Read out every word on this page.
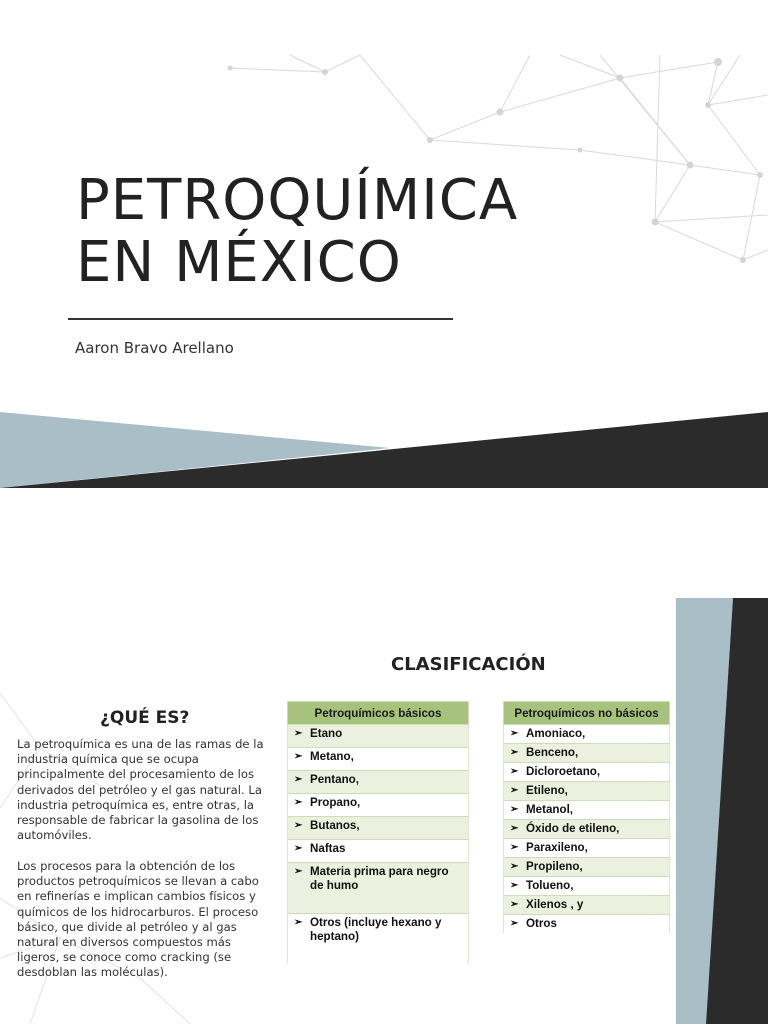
PETROQUÍMICA
EN MÉXICO
Aaron Bravo Arellano
CLASIFICACIÓN
¿QUÉ ES?

La petroquímica es una de las ramas de la industria química que se ocupa principalmente del procesamiento de los derivados del petróleo y el gas natural. La industria petroquímica es, entre otras, la responsable de fabricar la gasolina de los automóviles.

Los procesos para la obtención de los productos petroquímicos se llevan a cabo en refinerías e implican cambios físicos y químicos de los hidrocarburos. El proceso básico, que divide al petróleo y al gas natural en diversos compuestos más ligeros, se conoce como cracking (se desdoblan las moléculas).

Petroquímicos básicos
➢ Etano
➢ Metano,
➢ Pentano,
➢ Propano,
➢ Butanos,
➢ Naftas
➢ Materia prima para negro de humo
➢ Otros (incluye hexano y heptano)
Petroquímicos no básicos
➢ Amoniaco,
➢ Benceno,
➢ Dicloroetano,
➢ Etileno,
➢ Metanol,
➢ Óxido de etileno,
➢ Paraxileno,
➢ Propileno,
➢ Tolueno,
➢ Xilenos , y
➢ Otros
